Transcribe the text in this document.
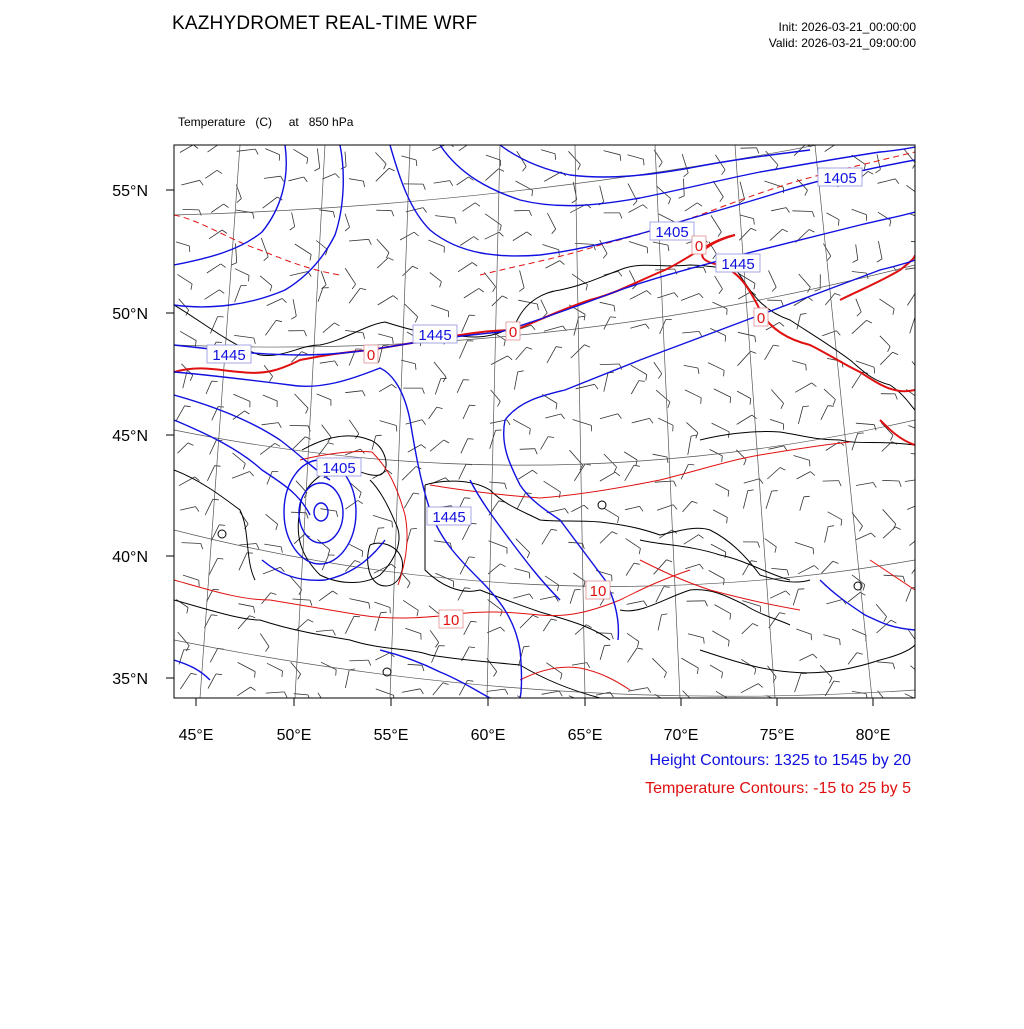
KAZHYDROMET REAL-TIME WRF	Init: 2026-03-21_00:00:00
Valid: 2026-03-21_09:00:00

Temperature   (C)     at   850 hPa

55°N
50°N
45°N
40°N
35°N
45°E	50°E	55°E	60°E	65°E	70°E	75°E	80°E
1405
1405
1445
1445
1445
1405
1445
0
0
0
0
10
10
Height Contours: 1325 to 1545 by 20
Temperature Contours: -15 to 25 by 5
